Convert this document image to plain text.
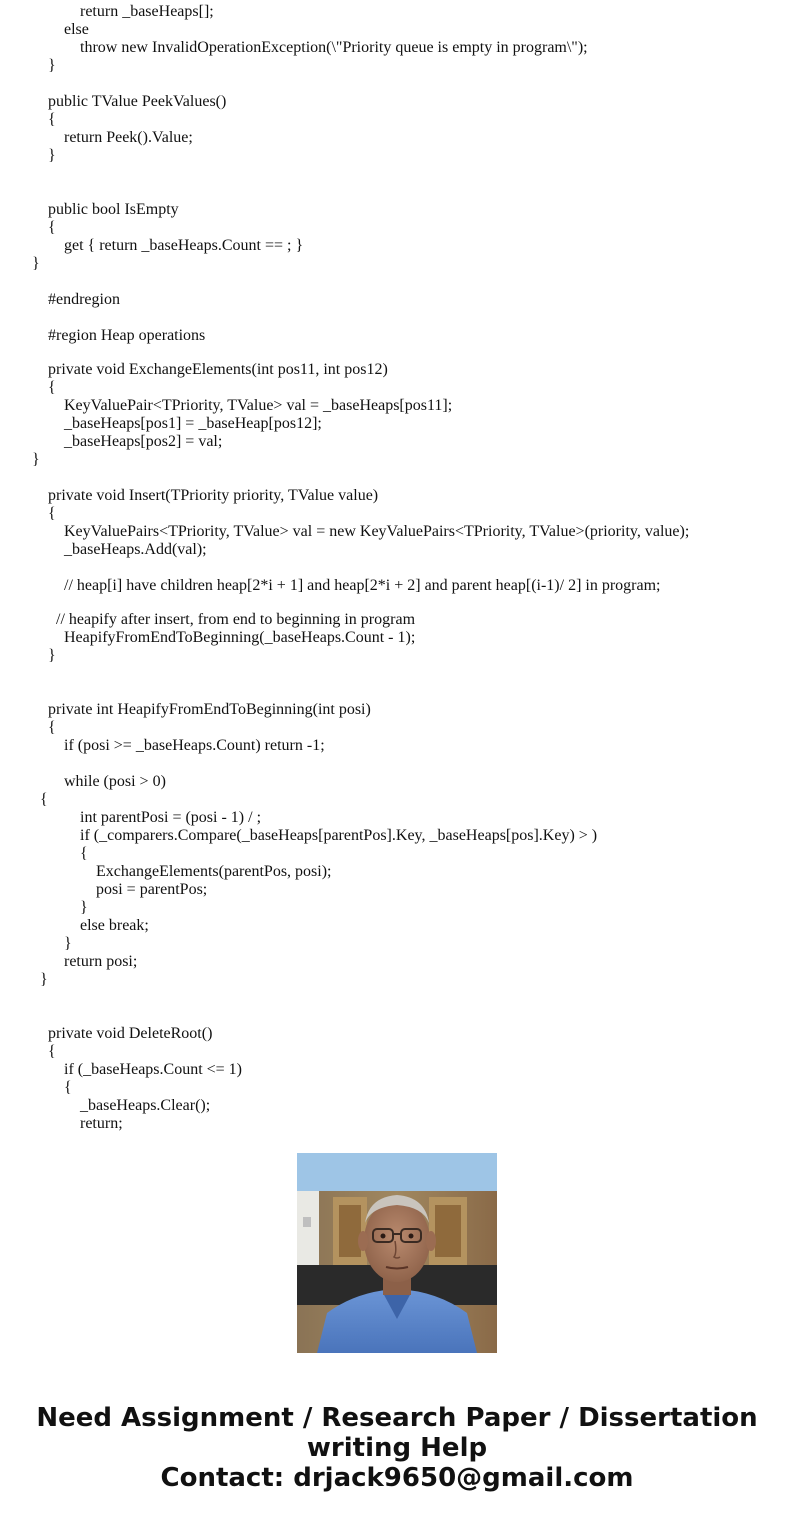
return _baseHeaps[];
else
throw new InvalidOperationException(\"Priority queue is empty in program\");
}
public TValue PeekValues()
{
return Peek().Value;
}
public bool IsEmpty
{
get { return _baseHeaps.Count == ; }
}
#endregion
#region Heap operations
private void ExchangeElements(int pos11, int pos12)
{
KeyValuePair<TPriority, TValue> val = _baseHeaps[pos11];
_baseHeaps[pos1] = _baseHeap[pos12];
_baseHeaps[pos2] = val;
}
private void Insert(TPriority priority, TValue value)
{
KeyValuePairs<TPriority, TValue> val = new KeyValuePairs<TPriority, TValue>(priority, value);
_baseHeaps.Add(val);
// heap[i] have children heap[2*i + 1] and heap[2*i + 2] and parent heap[(i-1)/ 2] in program;
// heapify after insert, from end to beginning in program
HeapifyFromEndToBeginning(_baseHeaps.Count - 1);
}
private int HeapifyFromEndToBeginning(int posi)
{
if (posi >= _baseHeaps.Count) return -1;
while (posi > 0)
{
int parentPosi = (posi - 1) / ;
if (_comparers.Compare(_baseHeaps[parentPos].Key, _baseHeaps[pos].Key) > )
{
ExchangeElements(parentPos, posi);
posi = parentPos;
}
else break;
}
return posi;
}
private void DeleteRoot()
{
if (_baseHeaps.Count <= 1)
{
_baseHeaps.Clear();
return;
Need Assignment / Research Paper / Dissertation
writing Help
Contact: drjack9650@gmail.com
